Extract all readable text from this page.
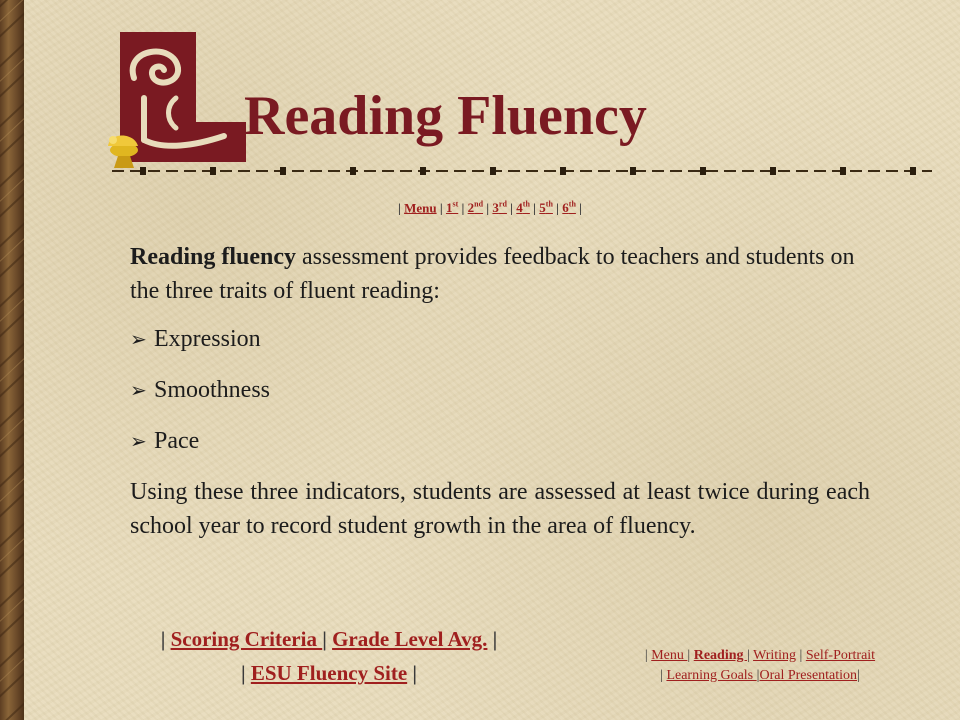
Reading Fluency
| Menu | 1st | 2nd | 3rd | 4th | 5th | 6th |

Reading fluency assessment provides feedback to teachers and students on the three traits of fluent reading:

➢ Expression
➢ Smoothness
➢ Pace

Using these three indicators, students are assessed at least twice during each school year to record student growth in the area of fluency.

| Scoring Criteria | Grade Level Avg. |
| ESU Fluency Site |
| Menu | Reading | Writing | Self-Portrait
| Learning Goals |Oral Presentation|
